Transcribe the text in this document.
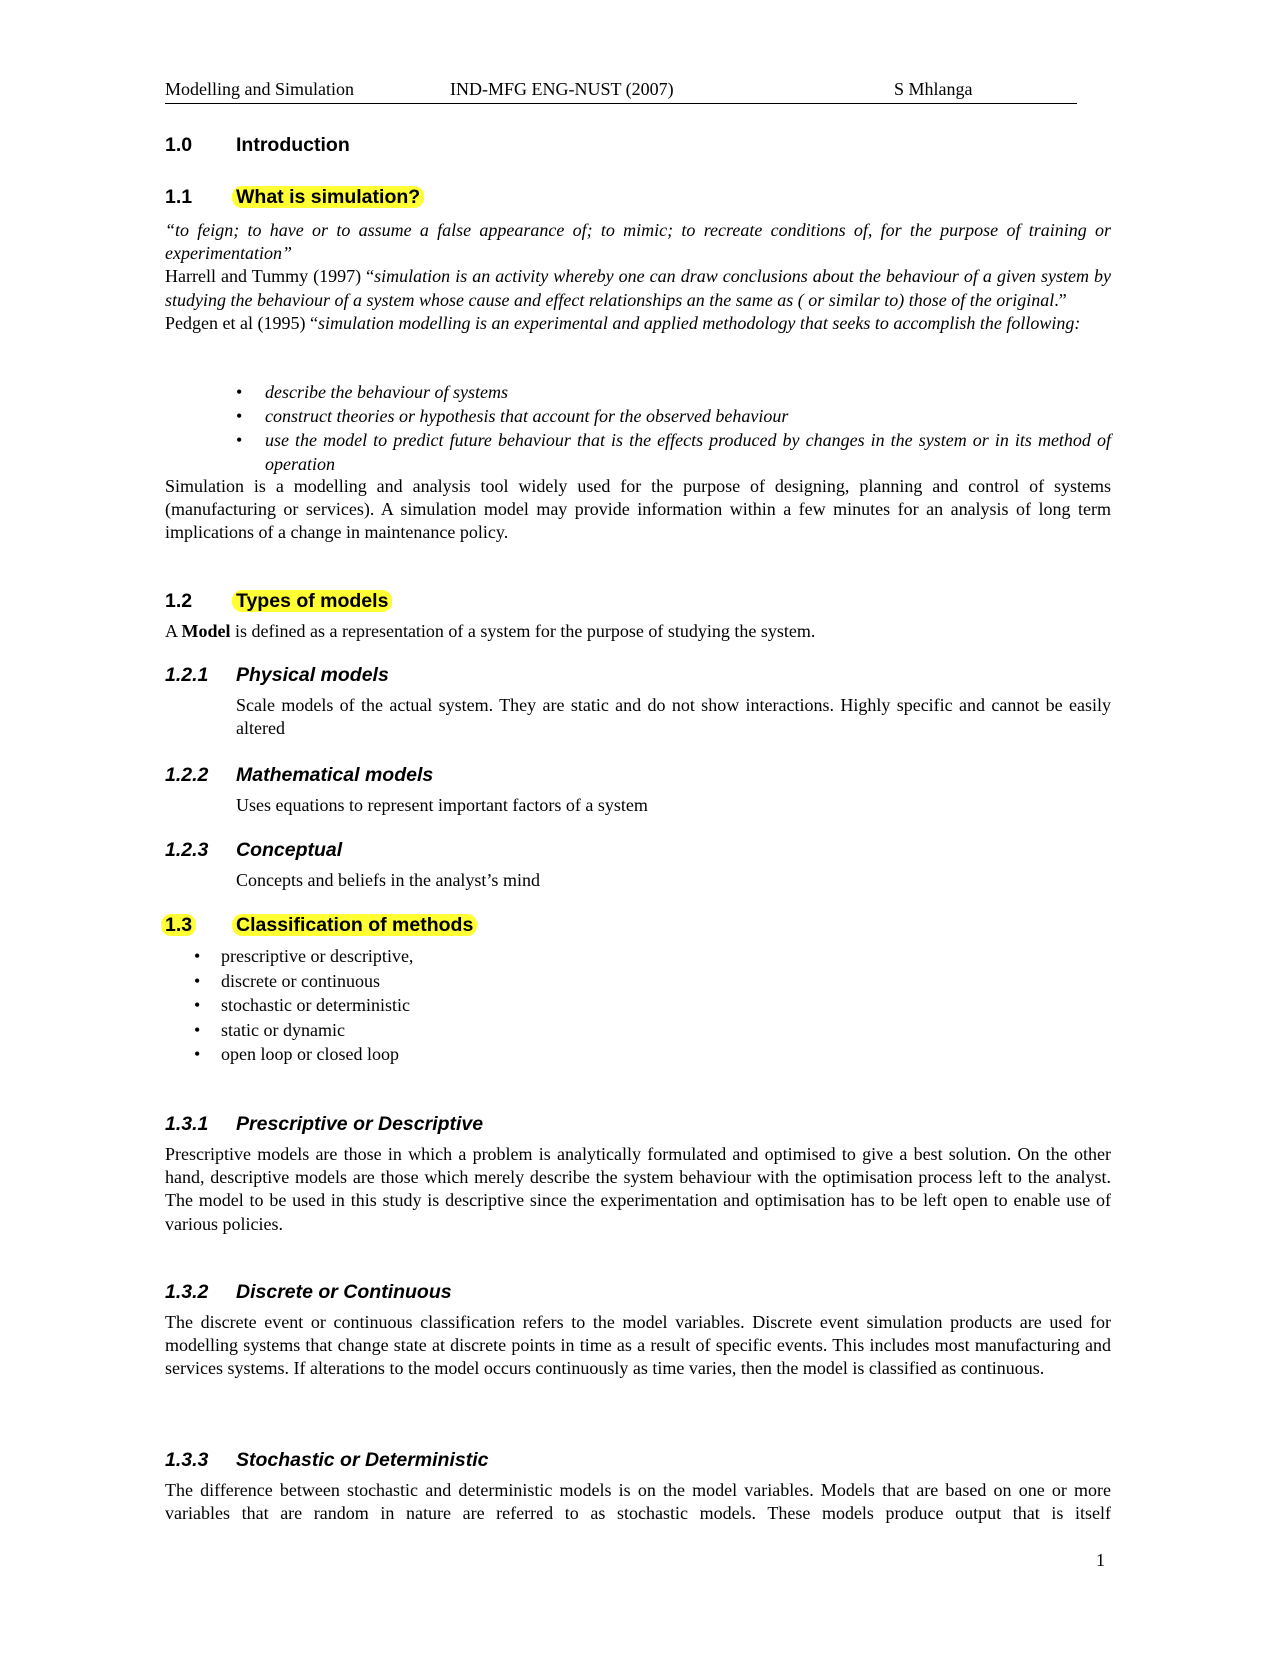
Modelling and Simulation	IND-MFG ENG-NUST (2007)	S Mhlanga
1.0 Introduction
1.1 What is simulation?
“to feign; to have or to assume a false appearance of; to mimic; to recreate conditions of, for the purpose of training or experimentation”
Harrell and Tummy (1997) “simulation is an activity whereby one can draw conclusions about the behaviour of a given system by studying the behaviour of a system whose cause and effect relationships an the same as ( or similar to) those of the original.”
Pedgen et al (1995) “simulation modelling is an experimental and applied methodology that seeks to accomplish the following:
• describe the behaviour of systems
• construct theories or hypothesis that account for the observed behaviour
• use the model to predict future behaviour that is the effects produced by changes in the system or in its method of operation
Simulation is a modelling and analysis tool widely used for the purpose of designing, planning and control of systems (manufacturing or services). A simulation model may provide information within a few minutes for an analysis of long term implications of a change in maintenance policy.
1.2 Types of models
A Model is defined as a representation of a system for the purpose of studying the system.
1.2.1 Physical models
Scale models of the actual system. They are static and do not show interactions. Highly specific and cannot be easily altered
1.2.2 Mathematical models
Uses equations to represent important factors of a system
1.2.3 Conceptual
Concepts and beliefs in the analyst’s mind
1.3 Classification of methods
• prescriptive or descriptive,
• discrete or continuous
• stochastic or deterministic
• static or dynamic
• open loop or closed loop
1.3.1 Prescriptive or Descriptive
Prescriptive models are those in which a problem is analytically formulated and optimised to give a best solution. On the other hand, descriptive models are those which merely describe the system behaviour with the optimisation process left to the analyst. The model to be used in this study is descriptive since the experimentation and optimisation has to be left open to enable use of various policies.
1.3.2 Discrete or Continuous
The discrete event or continuous classification refers to the model variables. Discrete event simulation products are used for modelling systems that change state at discrete points in time as a result of specific events. This includes most manufacturing and services systems. If alterations to the model occurs continuously as time varies, then the model is classified as continuous.
1.3.3 Stochastic or Deterministic
The difference between stochastic and deterministic models is on the model variables. Models that are based on one or more variables that are random in nature are referred to as stochastic models. These models produce output that is itself
1
